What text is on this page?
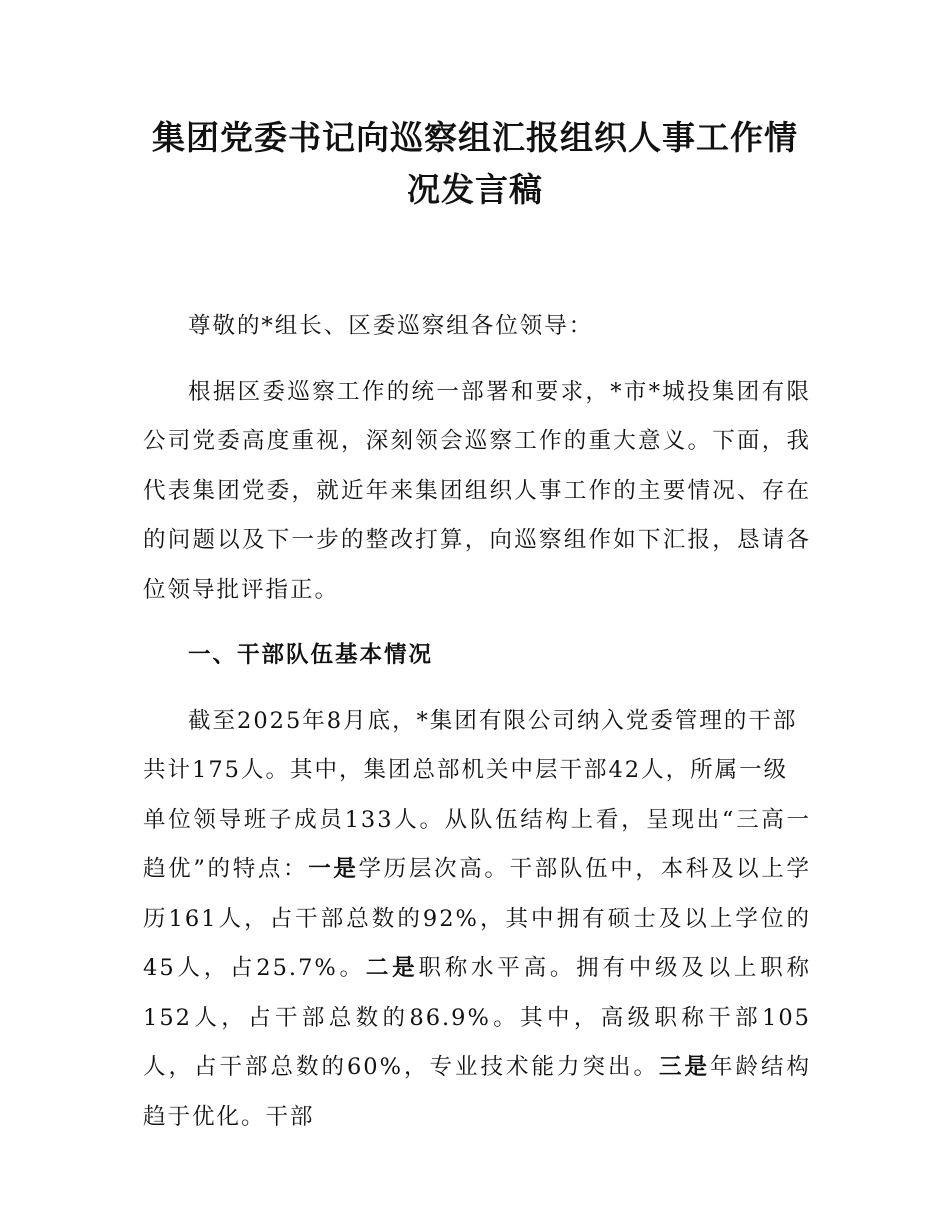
集团党委书记向巡察组汇报组织人事工作情
况发言稿

尊敬的*组长、区委巡察组各位领导：

根据区委巡察工作的统一部署和要求，*市*城投集团有限公司党委高度重视，深刻领会巡察工作的重大意义。下面，我代表集团党委，就近年来集团组织人事工作的主要情况、存在的问题以及下一步的整改打算，向巡察组作如下汇报，恳请各位领导批评指正。

一、干部队伍基本情况

截至2025年8月底，*集团有限公司纳入党委管理的干部

共计175人。其中，集团总部机关中层干部42人，所属一级

单位领导班子成员133人。从队伍结构上看，呈现出“三高一趋优”的特点：一是学历层次高。干部队伍中，本科及以上学历161人，占干部总数的92%，其中拥有硕士及以上学位的45人，占25.7%。二是职称水平高。拥有中级及以上职称152人，占干部总数的86.9%。其中，高级职称干部105人，占干部总数的60%，专业技术能力突出。三是年龄结构趋于优化。干部
